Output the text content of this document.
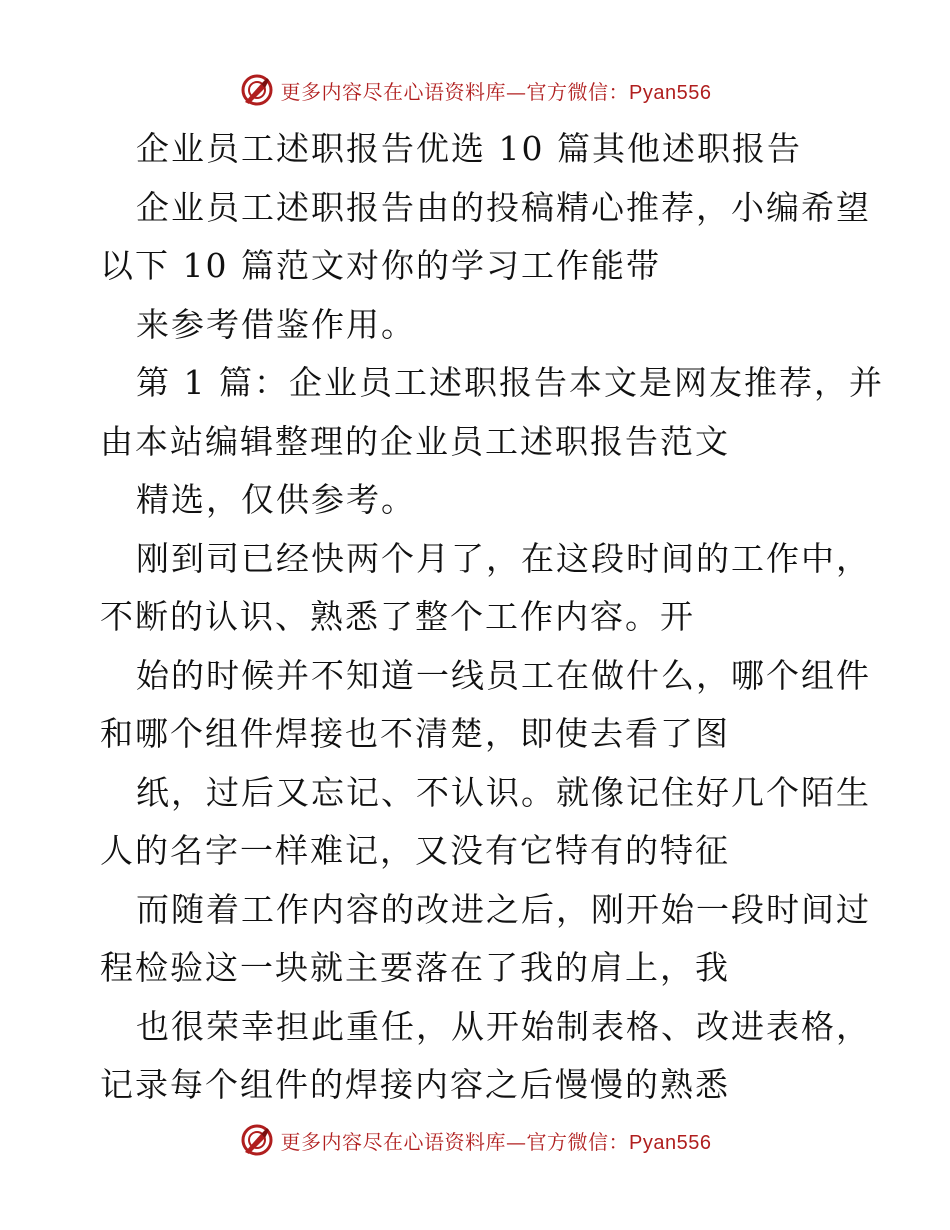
更多内容尽在心语资料库—官方微信：Pyan556
企业员工述职报告优选 10 篇其他述职报告
企业员工述职报告由的投稿精心推荐，小编希望
以下 10 篇范文对你的学习工作能带
来参考借鉴作用。
第 1 篇：企业员工述职报告本文是网友推荐，并
由本站编辑整理的企业员工述职报告范文
精选，仅供参考。
刚到司已经快两个月了，在这段时间的工作中，
不断的认识、熟悉了整个工作内容。开
始的时候并不知道一线员工在做什么，哪个组件
和哪个组件焊接也不清楚，即使去看了图
纸，过后又忘记、不认识。就像记住好几个陌生
人的名字一样难记，又没有它特有的特征
而随着工作内容的改进之后，刚开始一段时间过
程检验这一块就主要落在了我的肩上，我
也很荣幸担此重任，从开始制表格、改进表格，
记录每个组件的焊接内容之后慢慢的熟悉
更多内容尽在心语资料库—官方微信：Pyan556
